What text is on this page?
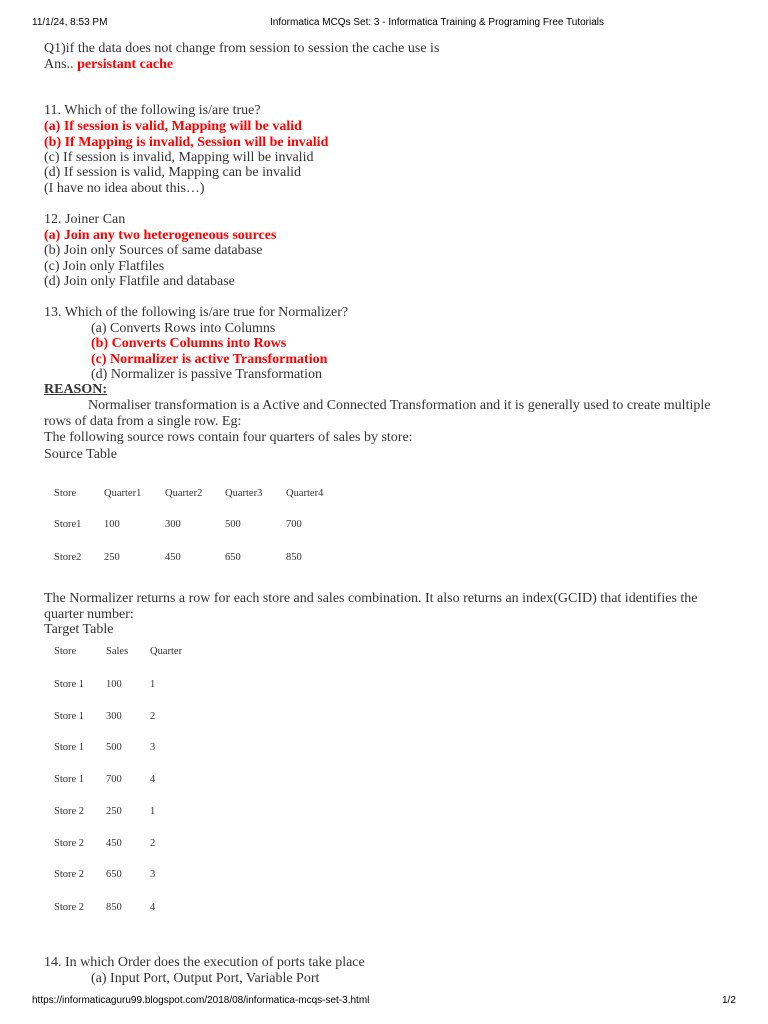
11/1/24, 8:53 PM	Informatica MCQs Set: 3 - Informatica Training & Programing Free Tutorials
Q1)if the data does not change from session to session the cache use is
Ans.. persistant cache
11. Which of the following is/are true?
(a) If session is valid, Mapping will be valid
(b) If Mapping is invalid, Session will be invalid
(c) If session is invalid, Mapping will be invalid
(d) If session is valid, Mapping can be invalid
(I have no idea about this…)
12. Joiner Can
(a) Join any two heterogeneous sources
(b) Join only Sources of same database
(c) Join only Flatfiles
(d) Join only Flatfile and database
13. Which of the following is/are true for Normalizer?
(a) Converts Rows into Columns
(b) Converts Columns into Rows
(c) Normalizer is active Transformation
(d) Normalizer is passive Transformation
REASON:

Normaliser transformation is a Active and Connected Transformation and it is generally used to create multiple rows of data from a single row. Eg:

The following source rows contain four quarters of sales by store:
Source Table
Store	Quarter1 Quarter2 Quarter3 Quarter4
Store1 100	300	500	700
Store2 250	450	650	850

The Normalizer returns a row for each store and sales combination. It also returns an index(GCID) that identifies the quarter number:

Target Table
Store	Sales Quarter
Store 1 100	1
Store 1 300	2
Store 1 500	3
Store 1 700	4
Store 2 250	1
Store 2 450	2
Store 2 650	3
Store 2 850	4
14. In which Order does the execution of ports take place
(a) Input Port, Output Port, Variable Port
https://informaticaguru99.blogspot.com/2018/08/informatica-mcqs-set-3.html	1/2
